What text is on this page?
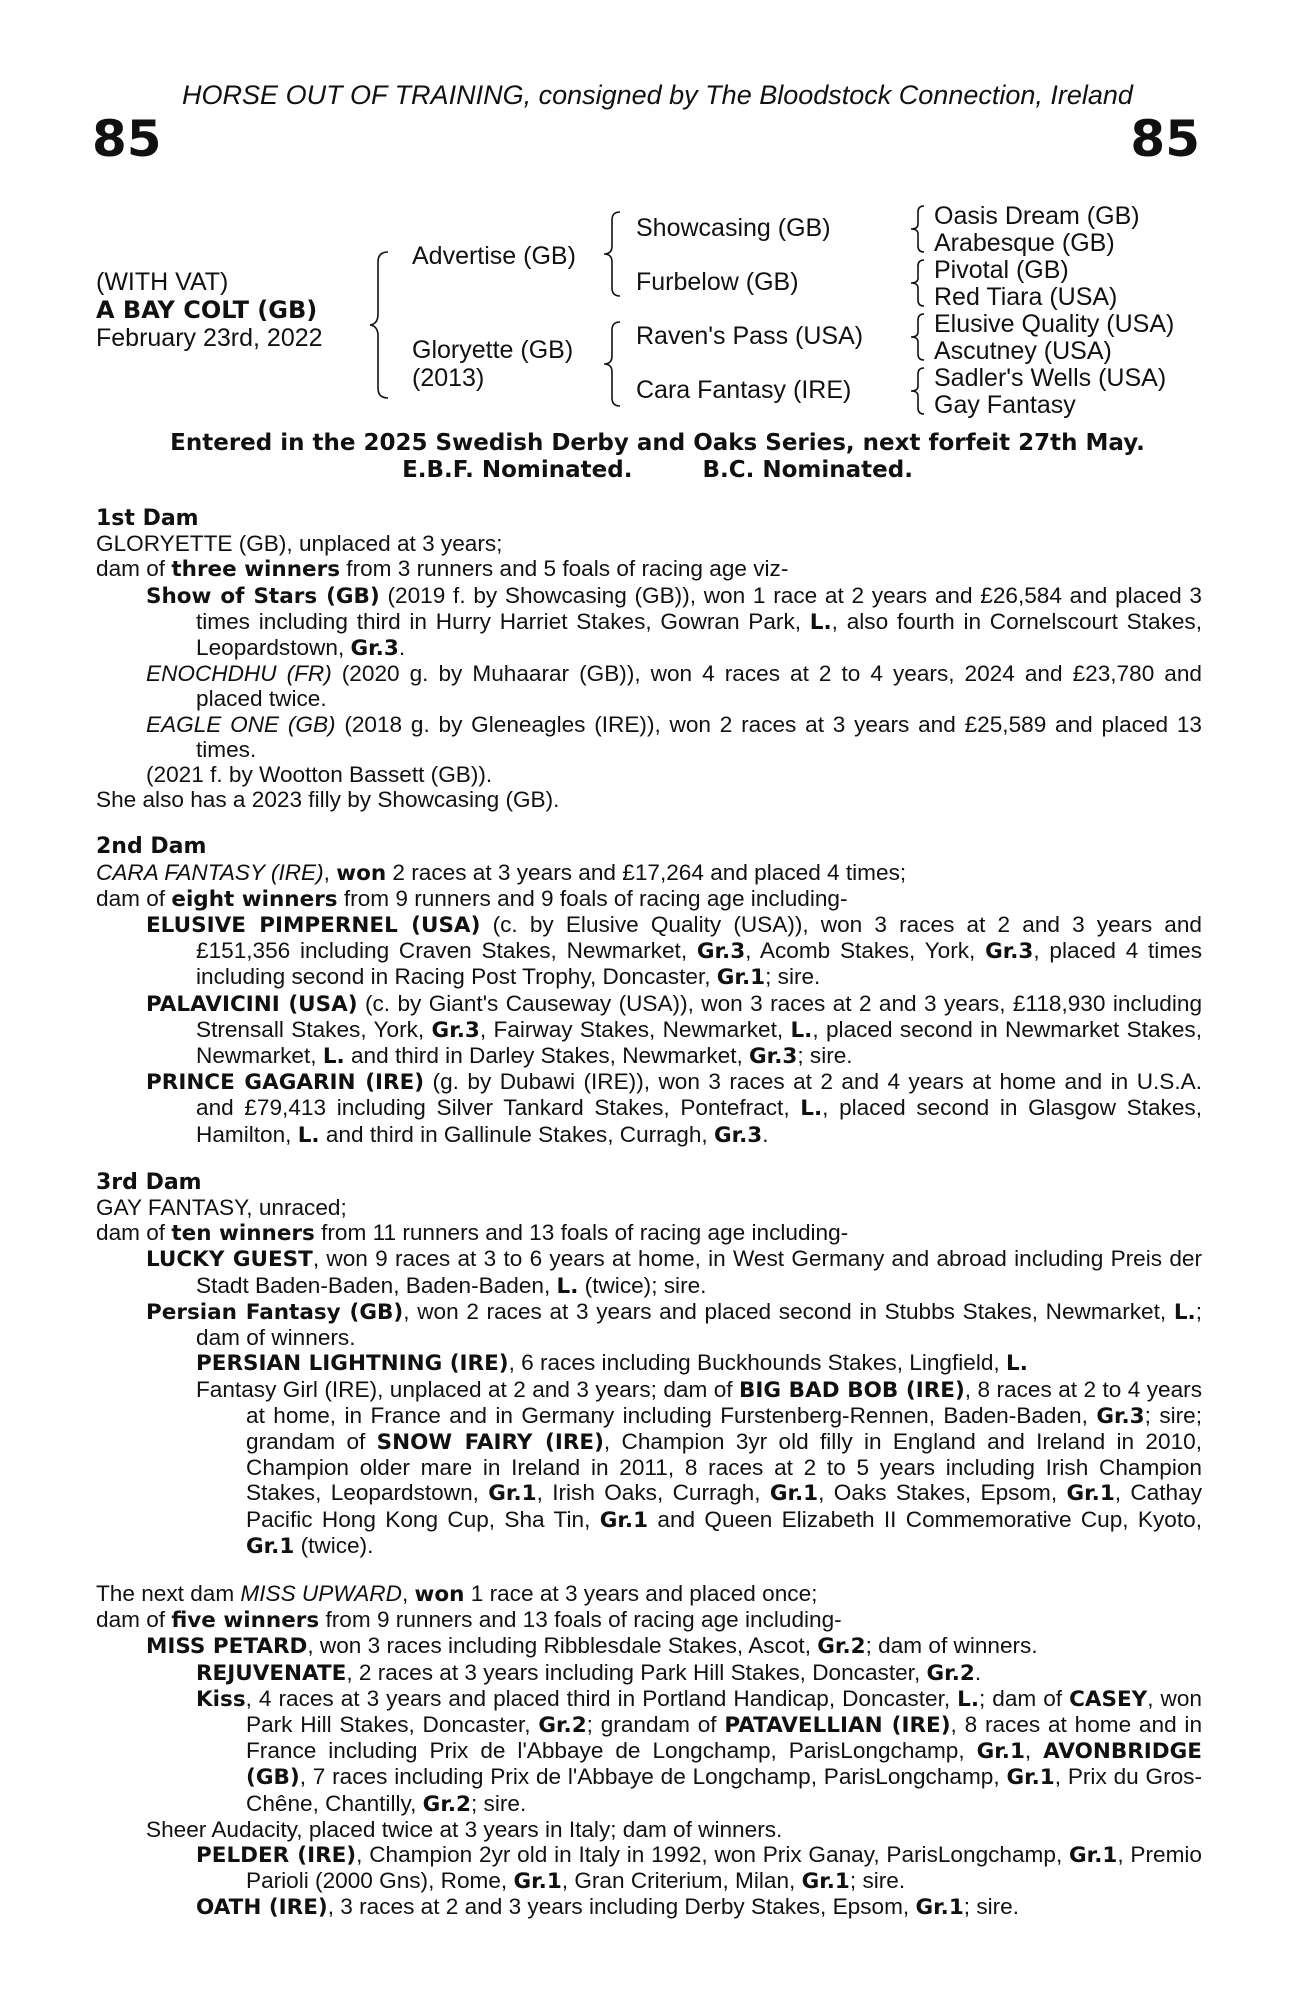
HORSE OUT OF TRAINING, consigned by The Bloodstock Connection, Ireland
85	85
(WITH VAT)
A BAY COLT (GB)
February 23rd, 2022
Advertise (GB)
Gloryette (GB)
(2013)
Showcasing (GB)
Furbelow (GB)
Raven's Pass (USA)
Cara Fantasy (IRE)
Oasis Dream (GB)
Arabesque (GB)
Pivotal (GB)
Red Tiara (USA)
Elusive Quality (USA)
Ascutney (USA)
Sadler's Wells (USA)
Gay Fantasy
Entered in the 2025 Swedish Derby and Oaks Series, next forfeit 27th May.
E.B.F. Nominated.	B.C. Nominated.
1st Dam
GLORYETTE (GB), unplaced at 3 years;
dam of three winners from 3 runners and 5 foals of racing age viz-
Show of Stars (GB) (2019 f. by Showcasing (GB)), won 1 race at 2 years and £26,584 and placed 3 times including third in Hurry Harriet Stakes, Gowran Park, L., also fourth in Cornelscourt Stakes, Leopardstown, Gr.3.
ENOCHDHU (FR) (2020 g. by Muhaarar (GB)), won 4 races at 2 to 4 years, 2024 and £23,780 and placed twice.
EAGLE ONE (GB) (2018 g. by Gleneagles (IRE)), won 2 races at 3 years and £25,589 and placed 13 times.
(2021 f. by Wootton Bassett (GB)).
She also has a 2023 filly by Showcasing (GB).
2nd Dam
CARA FANTASY (IRE), won 2 races at 3 years and £17,264 and placed 4 times;
dam of eight winners from 9 runners and 9 foals of racing age including-
ELUSIVE PIMPERNEL (USA) (c. by Elusive Quality (USA)), won 3 races at 2 and 3 years and £151,356 including Craven Stakes, Newmarket, Gr.3, Acomb Stakes, York, Gr.3, placed 4 times including second in Racing Post Trophy, Doncaster, Gr.1; sire.
PALAVICINI (USA) (c. by Giant's Causeway (USA)), won 3 races at 2 and 3 years, £118,930 including Strensall Stakes, York, Gr.3, Fairway Stakes, Newmarket, L., placed second in Newmarket Stakes, Newmarket, L. and third in Darley Stakes, Newmarket, Gr.3; sire.
PRINCE GAGARIN (IRE) (g. by Dubawi (IRE)), won 3 races at 2 and 4 years at home and in U.S.A. and £79,413 including Silver Tankard Stakes, Pontefract, L., placed second in Glasgow Stakes, Hamilton, L. and third in Gallinule Stakes, Curragh, Gr.3.
3rd Dam
GAY FANTASY, unraced;
dam of ten winners from 11 runners and 13 foals of racing age including-
LUCKY GUEST, won 9 races at 3 to 6 years at home, in West Germany and abroad including Preis der Stadt Baden-Baden, Baden-Baden, L. (twice); sire.
Persian Fantasy (GB), won 2 races at 3 years and placed second in Stubbs Stakes, Newmarket, L.; dam of winners.
PERSIAN LIGHTNING (IRE), 6 races including Buckhounds Stakes, Lingfield, L.
Fantasy Girl (IRE), unplaced at 2 and 3 years; dam of BIG BAD BOB (IRE), 8 races at 2 to 4 years at home, in France and in Germany including Furstenberg-Rennen, Baden-Baden, Gr.3; sire; grandam of SNOW FAIRY (IRE), Champion 3yr old filly in England and Ireland in 2010, Champion older mare in Ireland in 2011, 8 races at 2 to 5 years including Irish Champion Stakes, Leopardstown, Gr.1, Irish Oaks, Curragh, Gr.1, Oaks Stakes, Epsom, Gr.1, Cathay Pacific Hong Kong Cup, Sha Tin, Gr.1 and Queen Elizabeth II Commemorative Cup, Kyoto, Gr.1 (twice).
The next dam MISS UPWARD, won 1 race at 3 years and placed once;
dam of five winners from 9 runners and 13 foals of racing age including-
MISS PETARD, won 3 races including Ribblesdale Stakes, Ascot, Gr.2; dam of winners.
REJUVENATE, 2 races at 3 years including Park Hill Stakes, Doncaster, Gr.2.
Kiss, 4 races at 3 years and placed third in Portland Handicap, Doncaster, L.; dam of CASEY, won Park Hill Stakes, Doncaster, Gr.2; grandam of PATAVELLIAN (IRE), 8 races at home and in France including Prix de l'Abbaye de Longchamp, ParisLongchamp, Gr.1, AVONBRIDGE (GB), 7 races including Prix de l'Abbaye de Longchamp, ParisLongchamp, Gr.1, Prix du Gros-Chêne, Chantilly, Gr.2; sire.
Sheer Audacity, placed twice at 3 years in Italy; dam of winners.
PELDER (IRE), Champion 2yr old in Italy in 1992, won Prix Ganay, ParisLongchamp, Gr.1, Premio Parioli (2000 Gns), Rome, Gr.1, Gran Criterium, Milan, Gr.1; sire.
OATH (IRE), 3 races at 2 and 3 years including Derby Stakes, Epsom, Gr.1; sire.
